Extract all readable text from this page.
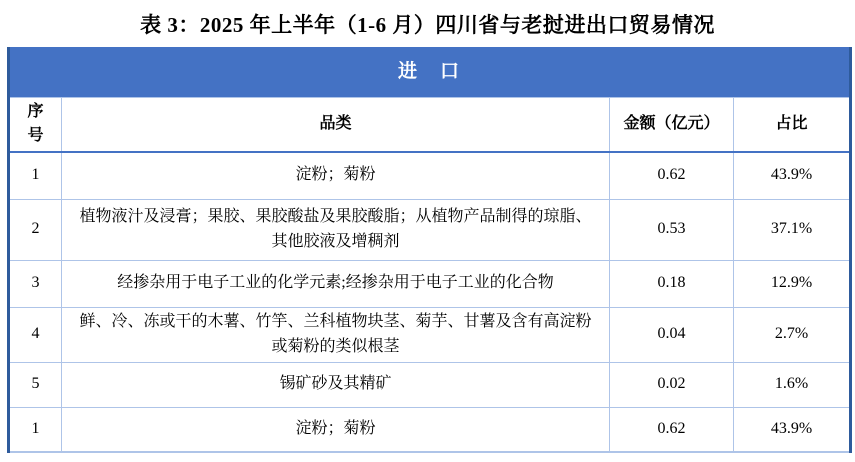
表 3：2025 年上半年（1-6 月）四川省与老挝进出口贸易情况
进　口			
序号	品类	金额（亿元）	占比
1	淀粉；菊粉	0.62	43.9%
2	植物液汁及浸膏；果胶、果胶酸盐及果胶酸脂；从植物产品制得的琼脂、其他胶液及增稠剂	0.53	37.1%
3	经掺杂用于电子工业的化学元素;经掺杂用于电子工业的化合物	0.18	12.9%
4	鲜、冷、冻或干的木薯、竹竽、兰科植物块茎、菊芋、甘薯及含有高淀粉或菊粉的类似根茎	0.04	2.7%
5	锡矿砂及其精矿	0.02	1.6%
1	淀粉；菊粉	0.62	43.9%
